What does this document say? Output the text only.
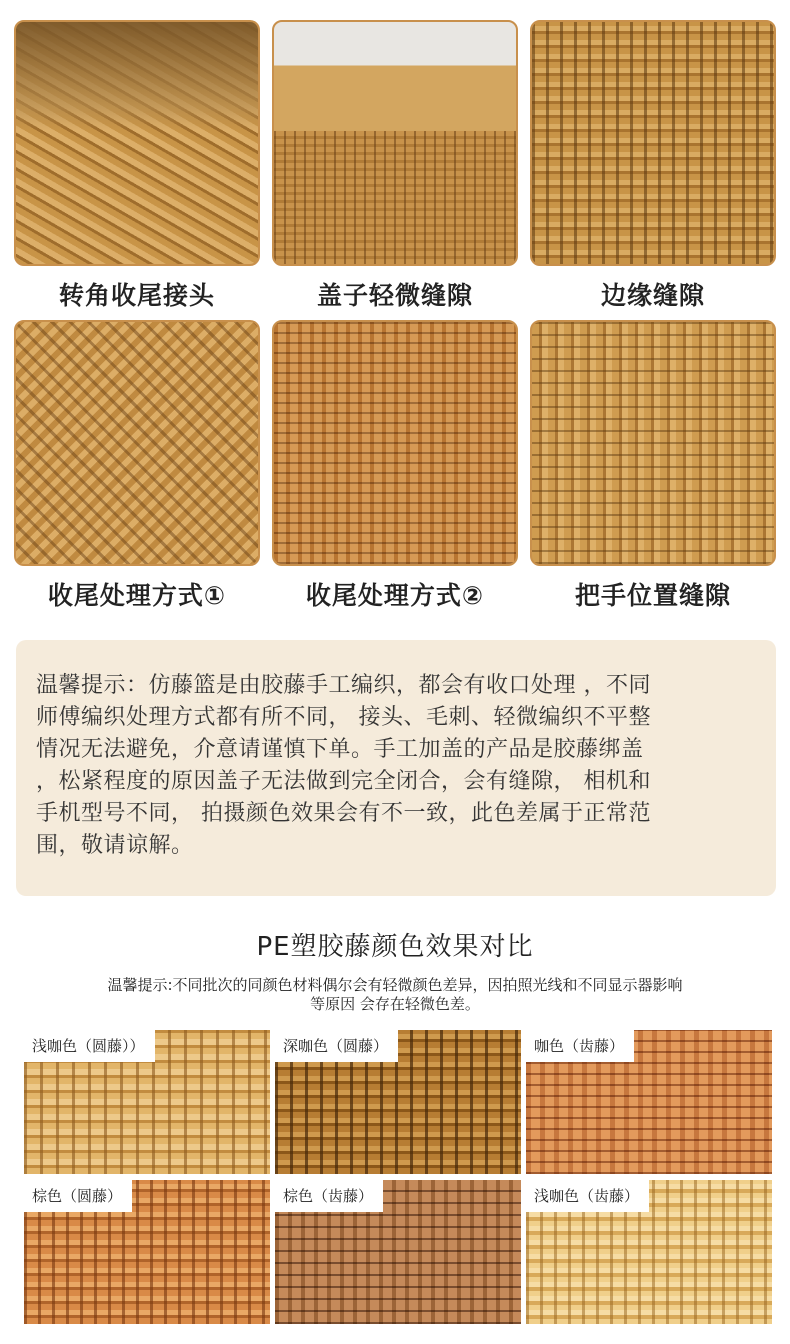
转角收尾接头	盖子轻微缝隙	边缘缝隙
收尾处理方式①	收尾处理方式②	把手位置缝隙

温馨提示：仿藤篮是由胶藤手工编织，都会有收口处理 ，不同

师傅编织处理方式都有所不同， 接头、毛刺、轻微编织不平整

情况无法避免，介意请谨慎下单。手工加盖的产品是胶藤绑盖

，松紧程度的原因盖子无法做到完全闭合，会有缝隙， 相机和

手机型号不同， 拍摄颜色效果会有不一致，此色差属于正常范

围，敬请谅解。

PE塑胶藤颜色效果对比
温馨提示:不同批次的同颜色材料偶尔会有轻微颜色差异，因拍照光线和不同显示器影响
等原因 会存在轻微色差。
浅咖色（圆藤））	深咖色（圆藤）	咖色（齿藤）
棕色（圆藤）	棕色（齿藤）	浅咖色（齿藤）
